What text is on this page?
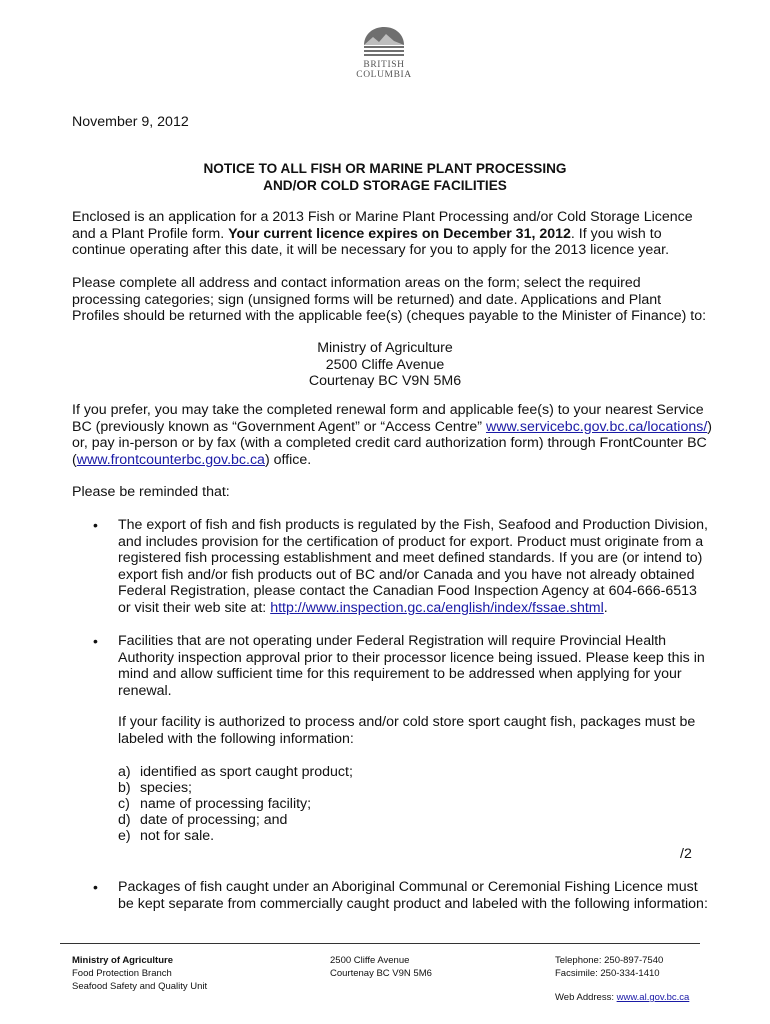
BRITISH
COLUMBIA
November 9, 2012
NOTICE TO ALL FISH OR MARINE PLANT PROCESSING
AND/OR COLD STORAGE FACILITIES
Enclosed is an application for a 2013 Fish or Marine Plant Processing and/or Cold Storage Licence
and a Plant Profile form. Your current licence expires on December 31, 2012. If you wish to
continue operating after this date, it will be necessary for you to apply for the 2013 licence year.
Please complete all address and contact information areas on the form; select the required
processing categories; sign (unsigned forms will be returned) and date. Applications and Plant
Profiles should be returned with the applicable fee(s) (cheques payable to the Minister of Finance) to:
Ministry of Agriculture
2500 Cliffe Avenue
Courtenay BC V9N 5M6
If you prefer, you may take the completed renewal form and applicable fee(s) to your nearest Service
BC (previously known as “Government Agent” or “Access Centre” www.servicebc.gov.bc.ca/locations/)
or, pay in-person or by fax (with a completed credit card authorization form) through FrontCounter BC
(www.frontcounterbc.gov.bc.ca) office.
Please be reminded that:
• The export of fish and fish products is regulated by the Fish, Seafood and Production Division,
and includes provision for the certification of product for export. Product must originate from a
registered fish processing establishment and meet defined standards. If you are (or intend to)
export fish and/or fish products out of BC and/or Canada and you have not already obtained
Federal Registration, please contact the Canadian Food Inspection Agency at 604-666-6513
or visit their web site at: http://www.inspection.gc.ca/english/index/fssae.shtml.
• Facilities that are not operating under Federal Registration will require Provincial Health
Authority inspection approval prior to their processor licence being issued. Please keep this in
mind and allow sufficient time for this requirement to be addressed when applying for your
renewal.
If your facility is authorized to process and/or cold store sport caught fish, packages must be
labeled with the following information:
a) identified as sport caught product;
b) species;
c) name of processing facility;
d) date of processing; and
e) not for sale.
/2
• Packages of fish caught under an Aboriginal Communal or Ceremonial Fishing Licence must
be kept separate from commercially caught product and labeled with the following information:
Ministry of Agriculture
Food Protection Branch
Seafood Safety and Quality Unit
2500 Cliffe Avenue
Courtenay BC V9N 5M6
Telephone: 250-897-7540
Facsimile: 250-334-1410
Web Address: www.al.gov.bc.ca
